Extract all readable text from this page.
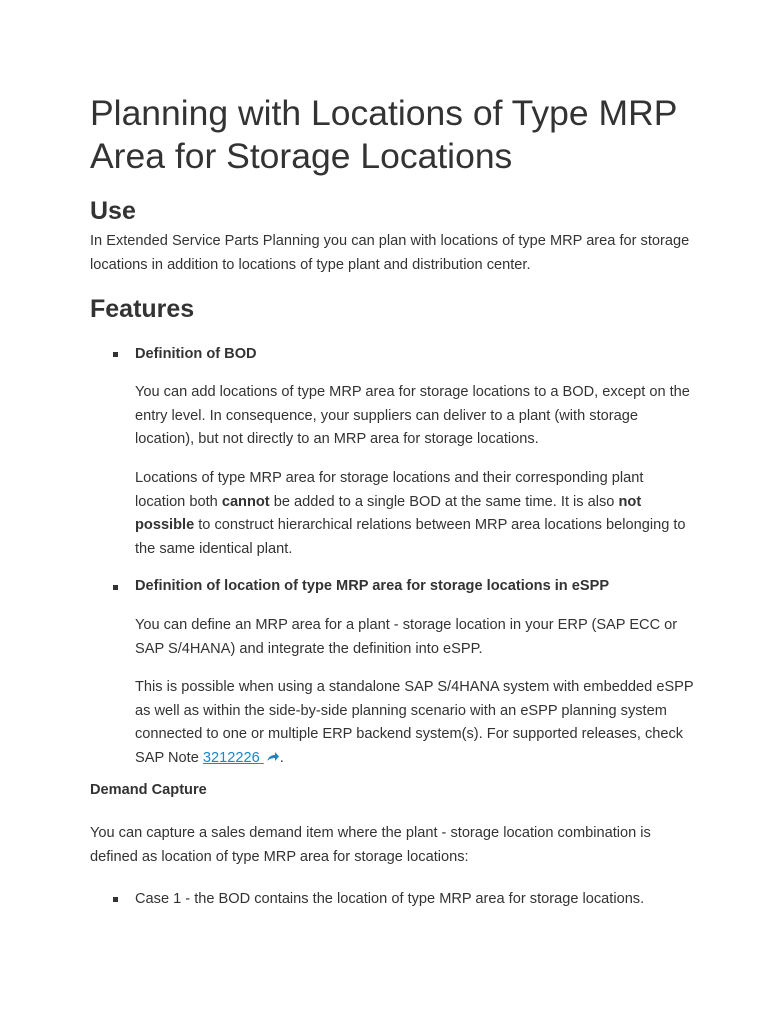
Planning with Locations of Type MRP Area for Storage Locations
Use

In Extended Service Parts Planning you can plan with locations of type MRP area for storage locations in addition to locations of type plant and distribution center.

Features

Definition of BOD

You can add locations of type MRP area for storage locations to a BOD, except on the entry level. In consequence, your suppliers can deliver to a plant (with storage location), but not directly to an MRP area for storage locations.

Locations of type MRP area for storage locations and their corresponding plant location both cannot be added to a single BOD at the same time. It is also not possible to construct hierarchical relations between MRP area locations belonging to the same identical plant.

Definition of location of type MRP area for storage locations in eSPP

You can define an MRP area for a plant - storage location in your ERP (SAP ECC or SAP S/4HANA) and integrate the definition into eSPP.

This is possible when using a standalone SAP S/4HANA system with embedded eSPP as well as within the side-by-side planning scenario with an eSPP planning system connected to one or multiple ERP backend system(s). For supported releases, check SAP Note 3212226 .

Demand Capture

You can capture a sales demand item where the plant - storage location combination is defined as location of type MRP area for storage locations:

Case 1 - the BOD contains the location of type MRP area for storage locations.
